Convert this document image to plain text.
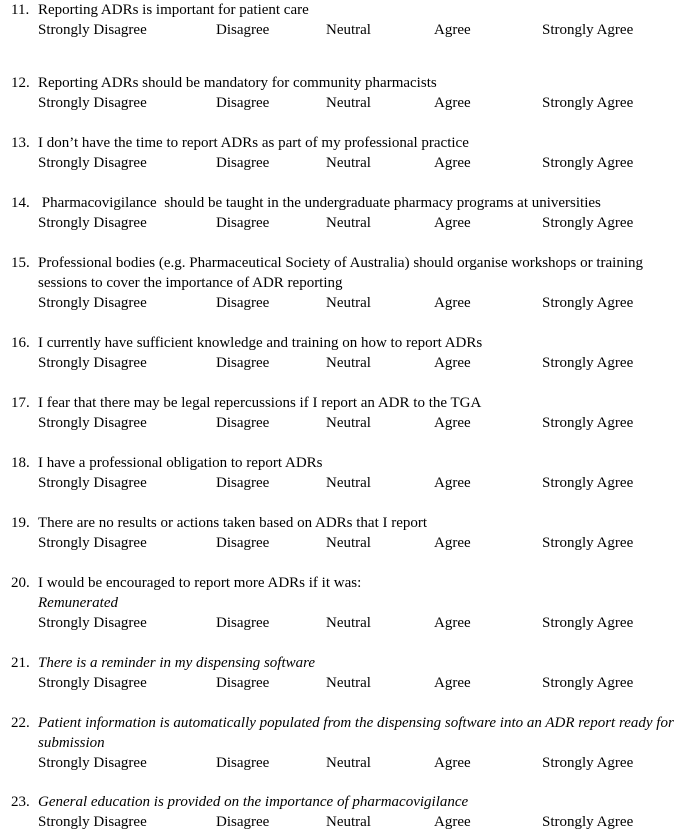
11. Reporting ADRs is important for patient care
Strongly Disagree	Disagree	Neutral	Agree	Strongly Agree
12. Reporting ADRs should be mandatory for community pharmacists
Strongly Disagree	Disagree	Neutral	Agree	Strongly Agree
13. I don’t have the time to report ADRs as part of my professional practice
Strongly Disagree	Disagree	Neutral	Agree	Strongly Agree
14. Pharmacovigilance  should be taught in the undergraduate pharmacy programs at universities
Strongly Disagree	Disagree	Neutral	Agree	Strongly Agree
15. Professional bodies (e.g. Pharmaceutical Society of Australia) should organise workshops or training
sessions to cover the importance of ADR reporting
Strongly Disagree	Disagree	Neutral	Agree	Strongly Agree
16. I currently have sufficient knowledge and training on how to report ADRs
Strongly Disagree	Disagree	Neutral	Agree	Strongly Agree
17. I fear that there may be legal repercussions if I report an ADR to the TGA
Strongly Disagree	Disagree	Neutral	Agree	Strongly Agree
18. I have a professional obligation to report ADRs
Strongly Disagree	Disagree	Neutral	Agree	Strongly Agree
19. There are no results or actions taken based on ADRs that I report
Strongly Disagree	Disagree	Neutral	Agree	Strongly Agree
20. I would be encouraged to report more ADRs if it was:
Remunerated
Strongly Disagree	Disagree	Neutral	Agree	Strongly Agree
21. There is a reminder in my dispensing software
Strongly Disagree	Disagree	Neutral	Agree	Strongly Agree
22. Patient information is automatically populated from the dispensing software into an ADR report ready for
submission
Strongly Disagree	Disagree	Neutral	Agree	Strongly Agree
23. General education is provided on the importance of pharmacovigilance
Strongly Disagree	Disagree	Neutral	Agree	Strongly Agree
